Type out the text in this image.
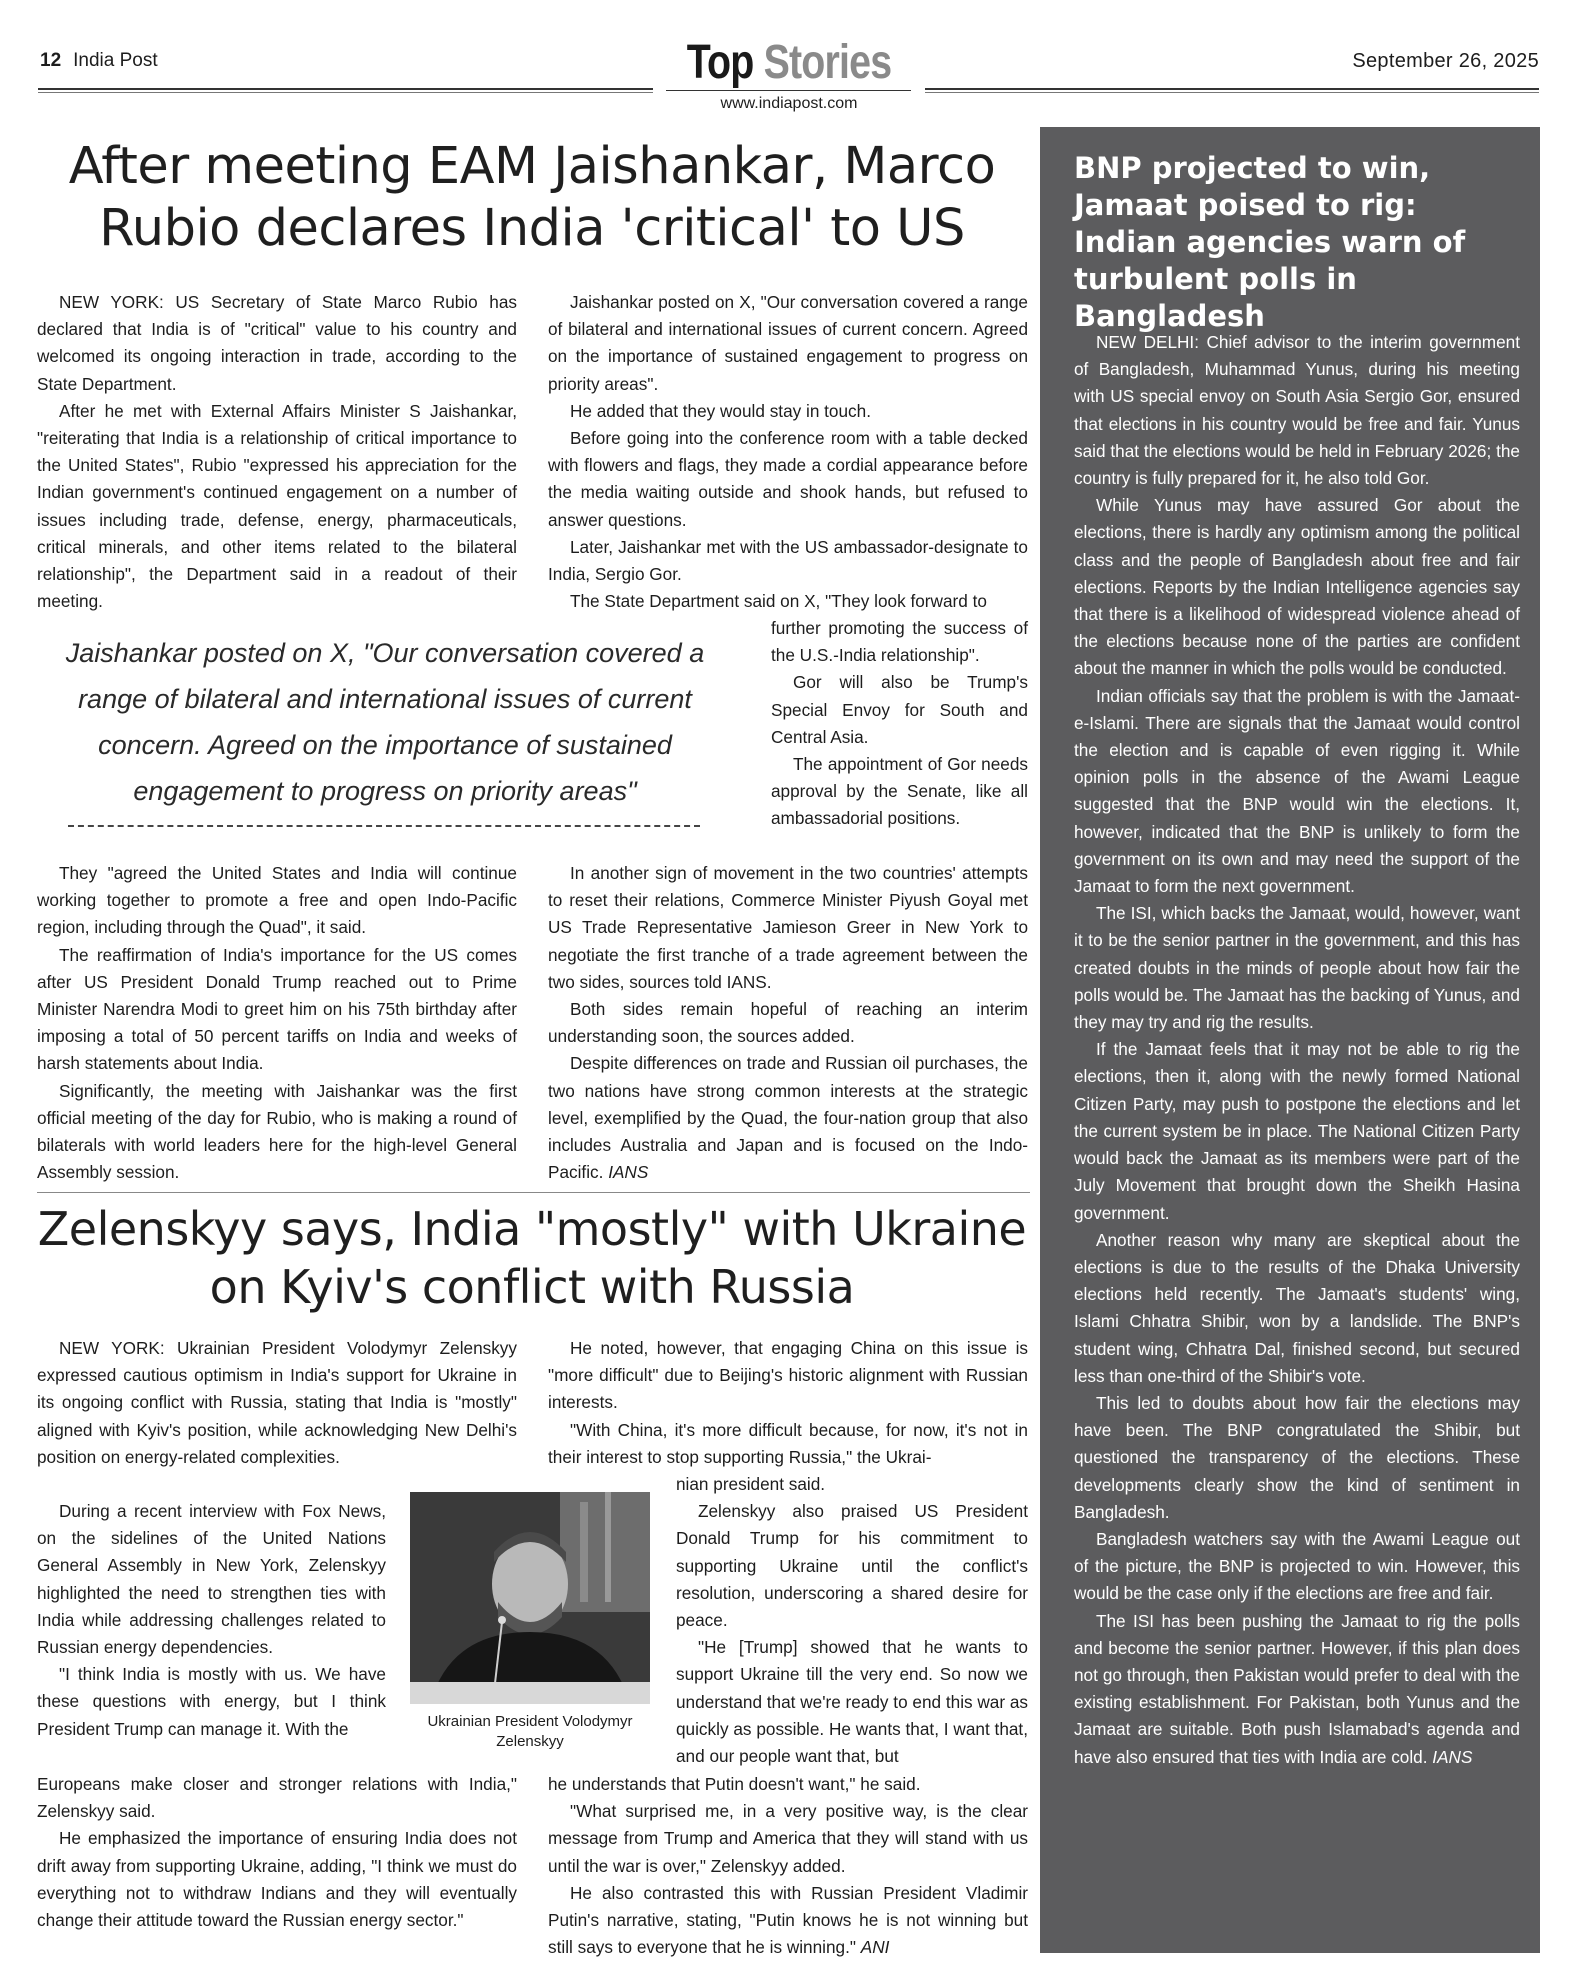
12 India Post	Top Stories
www.indiapost.com
September 26, 2025
After meeting EAM Jaishankar, Marco
Rubio declares India 'critical' to US

NEW YORK: US Secretary of State Marco Rubio has declared that India is of "critical" value to his country and welcomed its ongoing interaction in trade, according to the State Department.

After he met with External Affairs Minister S Jaishankar, "reiterating that India is a relationship of critical importance to the United States", Rubio "expressed his appreciation for the Indian government's continued engagement on a number of issues including trade, defense, energy, pharmaceuticals, critical minerals, and other items related to the bilateral relationship", the Department said in a readout of their meeting.

Jaishankar posted on X, "Our conversation covered a range of bilateral and international issues of current concern. Agreed on the importance of sustained engagement to progress on priority areas".

He added that they would stay in touch.

Before going into the conference room with a table decked with flowers and flags, they made a cordial appearance before the media waiting outside and shook hands, but refused to answer questions.

Later, Jaishankar met with the US ambassador-designate to India, Sergio Gor.

The State Department said on X, "They look forward to

further promoting the success of the U.S.-India relationship".

Gor will also be Trump's Special Envoy for South and Central Asia.

The appointment of Gor needs approval by the Senate, like all ambassadorial positions.

Jaishankar posted on X, "Our conversation covered a range of bilateral and international issues of current concern. Agreed on the importance of sustained engagement to progress on priority areas"

They "agreed the United States and India will continue working together to promote a free and open Indo-Pacific region, including through the Quad", it said.

The reaffirmation of India's importance for the US comes after US President Donald Trump reached out to Prime Minister Narendra Modi to greet him on his 75th birthday after imposing a total of 50 percent tariffs on India and weeks of harsh statements about India.

Significantly, the meeting with Jaishankar was the first official meeting of the day for Rubio, who is making a round of bilaterals with world leaders here for the high-level General Assembly session.

In another sign of movement in the two countries' attempts to reset their relations, Commerce Minister Piyush Goyal met US Trade Representative Jamieson Greer in New York to negotiate the first tranche of a trade agreement between the two sides, sources told IANS.

Both sides remain hopeful of reaching an interim understanding soon, the sources added.

Despite differences on trade and Russian oil purchases, the two nations have strong common interests at the strategic level, exemplified by the Quad, the four-nation group that also includes Australia and Japan and is focused on the Indo-Pacific. IANS

Zelenskyy says, India "mostly" with Ukraine
on Kyiv's conflict with Russia

NEW YORK: Ukrainian President Volodymyr Zelenskyy expressed cautious optimism in India's support for Ukraine in its ongoing conflict with Russia, stating that India is "mostly" aligned with Kyiv's position, while acknowledging New Delhi's position on energy-related complexities.

During a recent interview with Fox News, on the sidelines of the United Nations General Assembly in New York, Zelenskyy highlighted the need to strengthen ties with India while addressing challenges related to Russian energy dependencies.

"I think India is mostly with us. We have these questions with energy, but I think President Trump can manage it. With the

Europeans make closer and stronger relations with India," Zelenskyy said.

He emphasized the importance of ensuring India does not drift away from supporting Ukraine, adding, "I think we must do everything not to withdraw Indians and they will eventually change their attitude toward the Russian energy sector."

Ukrainian President Volodymyr Zelenskyy

He noted, however, that engaging China on this issue is "more difficult" due to Beijing's historic alignment with Russian interests.

"With China, it's more difficult because, for now, it's not in their interest to stop supporting Russia," the Ukrai-

nian president said.

Zelenskyy also praised US President Donald Trump for his commitment to supporting Ukraine until the conflict's resolution, underscoring a shared desire for peace.

"He [Trump] showed that he wants to support Ukraine till the very end. So now we understand that we're ready to end this war as quickly as possible. He wants that, I want that, and our people want that, but

he understands that Putin doesn't want," he said.

"What surprised me, in a very positive way, is the clear message from Trump and America that they will stand with us until the war is over," Zelenskyy added.

He also contrasted this with Russian President Vladimir Putin's narrative, stating, "Putin knows he is not winning but still says to everyone that he is winning." ANI

BNP projected to win, Jamaat poised to rig: Indian agencies warn of turbulent polls in Bangladesh

NEW DELHI: Chief advisor to the interim government of Bangladesh, Muhammad Yunus, during his meeting with US special envoy on South Asia Sergio Gor, ensured that elections in his country would be free and fair. Yunus said that the elections would be held in February 2026; the country is fully prepared for it, he also told Gor.

While Yunus may have assured Gor about the elections, there is hardly any optimism among the political class and the people of Bangladesh about free and fair elections. Reports by the Indian Intelligence agencies say that there is a likelihood of widespread violence ahead of the elections because none of the parties are confident about the manner in which the polls would be conducted.

Indian officials say that the problem is with the Jamaat-e-Islami. There are signals that the Jamaat would control the election and is capable of even rigging it. While opinion polls in the absence of the Awami League suggested that the BNP would win the elections. It, however, indicated that the BNP is unlikely to form the government on its own and may need the support of the Jamaat to form the next government.

The ISI, which backs the Jamaat, would, however, want it to be the senior partner in the government, and this has created doubts in the minds of people about how fair the polls would be. The Jamaat has the backing of Yunus, and they may try and rig the results.

If the Jamaat feels that it may not be able to rig the elections, then it, along with the newly formed National Citizen Party, may push to postpone the elections and let the current system be in place. The National Citizen Party would back the Jamaat as its members were part of the July Movement that brought down the Sheikh Hasina government.

Another reason why many are skeptical about the elections is due to the results of the Dhaka University elections held recently. The Jamaat's students' wing, Islami Chhatra Shibir, won by a landslide. The BNP's student wing, Chhatra Dal, finished second, but secured less than one-third of the Shibir's vote.

This led to doubts about how fair the elections may have been. The BNP congratulated the Shibir, but questioned the transparency of the elections. These developments clearly show the kind of sentiment in Bangladesh.

Bangladesh watchers say with the Awami League out of the picture, the BNP is projected to win. However, this would be the case only if the elections are free and fair.

The ISI has been pushing the Jamaat to rig the polls and become the senior partner. However, if this plan does not go through, then Pakistan would prefer to deal with the existing establishment. For Pakistan, both Yunus and the Jamaat are suitable. Both push Islamabad's agenda and have also ensured that ties with India are cold. IANS
